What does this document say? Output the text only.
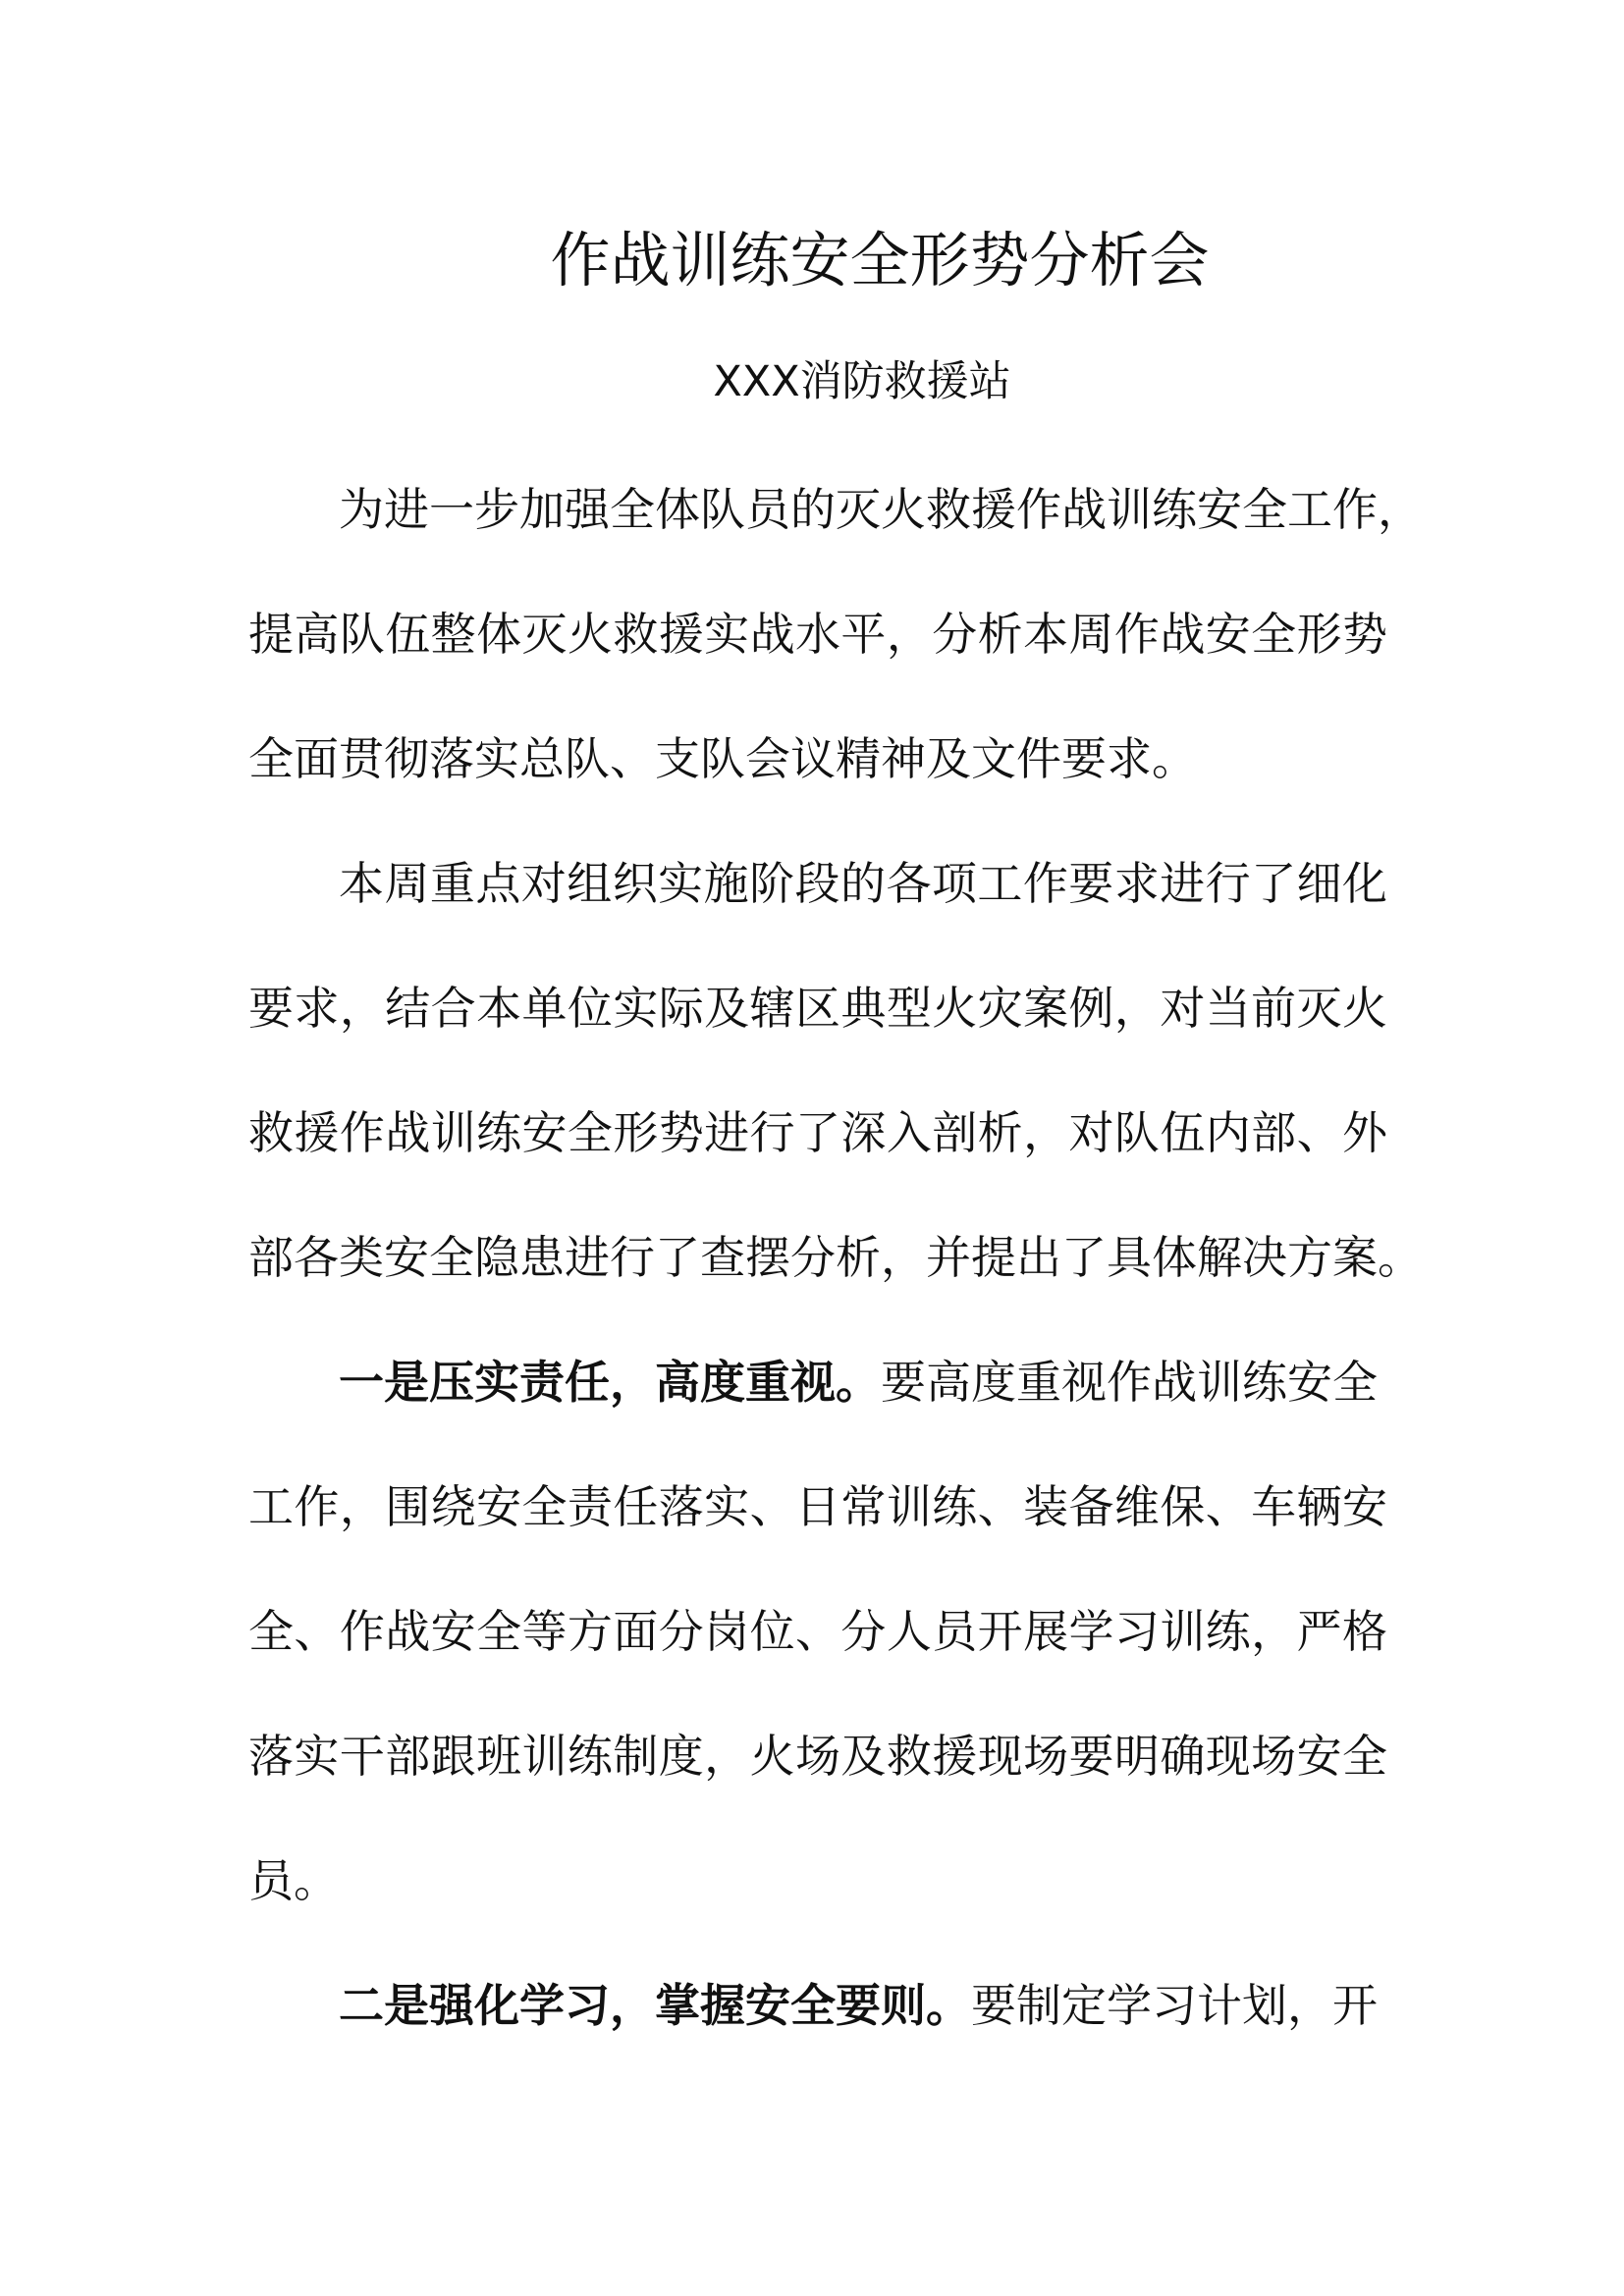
作战训练安全形势分析会
XXX消防救援站
为进一步加强全体队员的灭火救援作战训练安全工作，
提高队伍整体灭火救援实战水平，分析本周作战安全形势
全面贯彻落实总队、支队会议精神及文件要求。
本周重点对组织实施阶段的各项工作要求进行了细化
要求，结合本单位实际及辖区典型火灾案例，对当前灭火
救援作战训练安全形势进行了深入剖析，对队伍内部、外
部各类安全隐患进行了查摆分析，并提出了具体解决方案。
一是压实责任，高度重视。要高度重视作战训练安全
工作，围绕安全责任落实、日常训练、装备维保、车辆安
全、作战安全等方面分岗位、分人员开展学习训练，严格
落实干部跟班训练制度，火场及救援现场要明确现场安全
员。
二是强化学习，掌握安全要则。要制定学习计划，开
